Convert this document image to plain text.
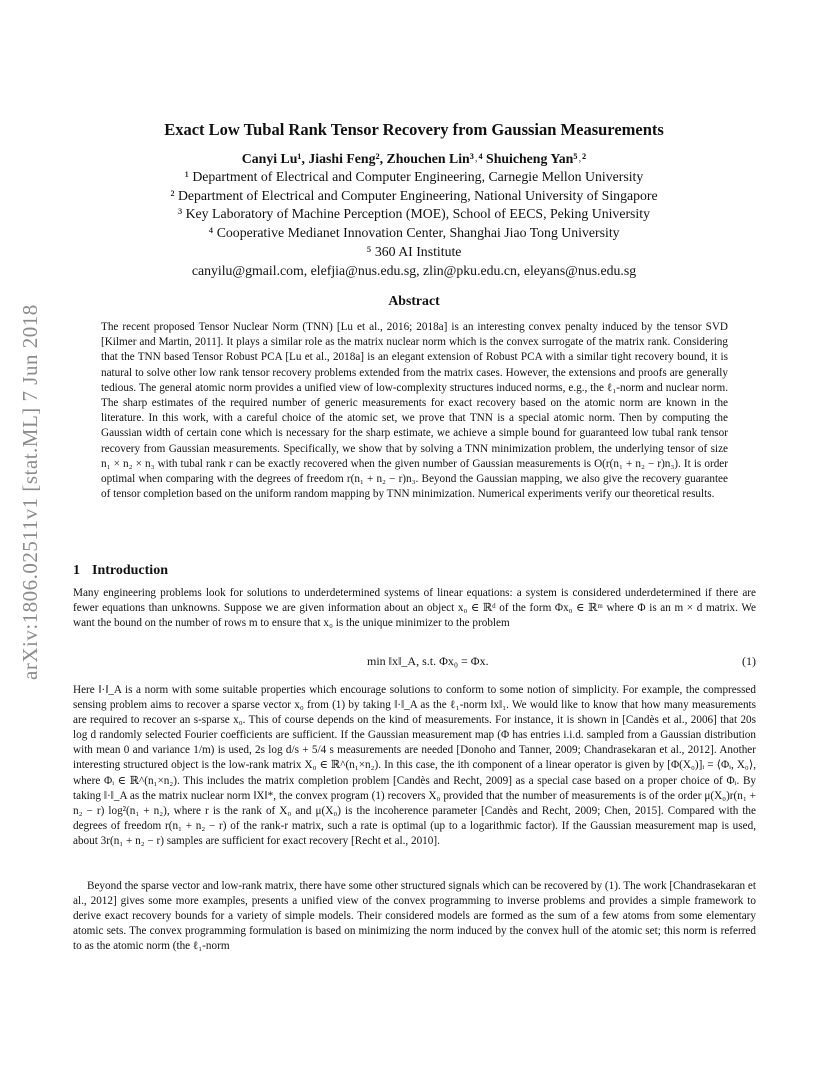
arXiv:1806.02511v1 [stat.ML] 7 Jun 2018
Exact Low Tubal Rank Tensor Recovery from Gaussian Measurements
Canyi Lu¹, Jiashi Feng², Zhouchen Lin³˒⁴ Shuicheng Yan⁵˒²
¹ Department of Electrical and Computer Engineering, Carnegie Mellon University
² Department of Electrical and Computer Engineering, National University of Singapore
³ Key Laboratory of Machine Perception (MOE), School of EECS, Peking University
⁴ Cooperative Medianet Innovation Center, Shanghai Jiao Tong University
⁵ 360 AI Institute
canyilu@gmail.com, elefjia@nus.edu.sg, zlin@pku.edu.cn, eleyans@nus.edu.sg
Abstract
The recent proposed Tensor Nuclear Norm (TNN) [Lu et al., 2016; 2018a] is an interesting convex penalty induced by the tensor SVD [Kilmer and Martin, 2011]. It plays a similar role as the matrix nuclear norm which is the convex surrogate of the matrix rank. Considering that the TNN based Tensor Robust PCA [Lu et al., 2018a] is an elegant extension of Robust PCA with a similar tight recovery bound, it is natural to solve other low rank tensor recovery problems extended from the matrix cases. However, the extensions and proofs are generally tedious. The general atomic norm provides a unified view of low-complexity structures induced norms, e.g., the ℓ₁-norm and nuclear norm. The sharp estimates of the required number of generic measurements for exact recovery based on the atomic norm are known in the literature. In this work, with a careful choice of the atomic set, we prove that TNN is a special atomic norm. Then by computing the Gaussian width of certain cone which is necessary for the sharp estimate, we achieve a simple bound for guaranteed low tubal rank tensor recovery from Gaussian measurements. Specifically, we show that by solving a TNN minimization problem, the underlying tensor of size n₁ × n₂ × n₃ with tubal rank r can be exactly recovered when the given number of Gaussian measurements is O(r(n₁ + n₂ − r)n₃). It is order optimal when comparing with the degrees of freedom r(n₁ + n₂ − r)n₃. Beyond the Gaussian mapping, we also give the recovery guarantee of tensor completion based on the uniform random mapping by TNN minimization. Numerical experiments verify our theoretical results.
1 Introduction
Many engineering problems look for solutions to underdetermined systems of linear equations: a system is considered underdetermined if there are fewer equations than unknowns. Suppose we are given information about an object x₀ ∈ ℝᵈ of the form Φx₀ ∈ ℝᵐ where Φ is an m × d matrix. We want the bound on the number of rows m to ensure that x₀ is the unique minimizer to the problem
min ‖x‖_A, s.t. Φx₀ = Φx.	(1)
Here ‖·‖_A is a norm with some suitable properties which encourage solutions to conform to some notion of simplicity. For example, the compressed sensing problem aims to recover a sparse vector x₀ from (1) by taking ‖·‖_A as the ℓ₁-norm ‖x‖₁. We would like to know that how many measurements are required to recover an s-sparse x₀. This of course depends on the kind of measurements. For instance, it is shown in [Candès et al., 2006] that 20s log d randomly selected Fourier coefficients are sufficient. If the Gaussian measurement map (Φ has entries i.i.d. sampled from a Gaussian distribution with mean 0 and variance 1/m) is used, 2s log d/s + 5/4 s measurements are needed [Donoho and Tanner, 2009; Chandrasekaran et al., 2012]. Another interesting structured object is the low-rank matrix X₀ ∈ ℝ^(n₁×n₂). In this case, the ith component of a linear operator is given by [Φ(X₀)]ᵢ = ⟨Φᵢ, X₀⟩, where Φᵢ ∈ ℝ^(n₁×n₂). This includes the matrix completion problem [Candès and Recht, 2009] as a special case based on a proper choice of Φᵢ. By taking ‖·‖_A as the matrix nuclear norm ‖X‖*, the convex program (1) recovers X₀ provided that the number of measurements is of the order μ(X₀)r(n₁ + n₂ − r) log²(n₁ + n₂), where r is the rank of X₀ and μ(X₀) is the incoherence parameter [Candès and Recht, 2009; Chen, 2015]. Compared with the degrees of freedom r(n₁ + n₂ − r) of the rank-r matrix, such a rate is optimal (up to a logarithmic factor). If the Gaussian measurement map is used, about 3r(n₁ + n₂ − r) samples are sufficient for exact recovery [Recht et al., 2010].
Beyond the sparse vector and low-rank matrix, there have some other structured signals which can be recovered by (1). The work [Chandrasekaran et al., 2012] gives some more examples, presents a unified view of the convex programming to inverse problems and provides a simple framework to derive exact recovery bounds for a variety of simple models. Their considered models are formed as the sum of a few atoms from some elementary atomic sets. The convex programming formulation is based on minimizing the norm induced by the convex hull of the atomic set; this norm is referred to as the atomic norm (the ℓ₁-norm
